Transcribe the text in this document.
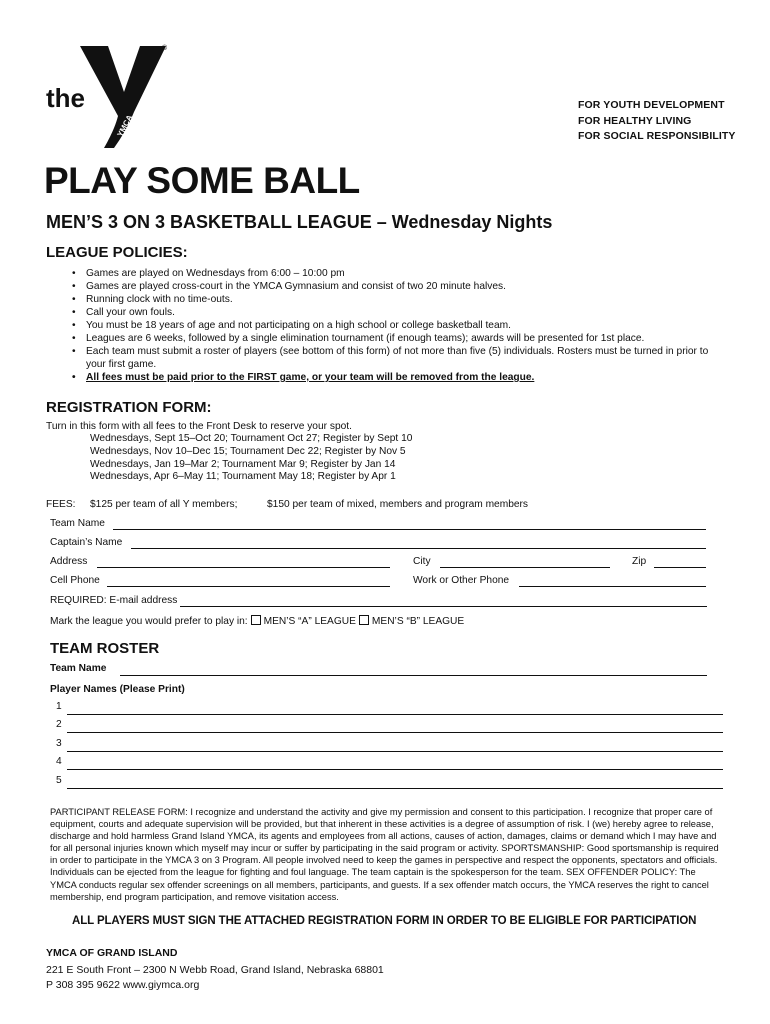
the
YMCA
®
FOR YOUTH DEVELOPMENT
FOR HEALTHY LIVING
FOR SOCIAL RESPONSIBILITY
PLAY SOME BALL
MEN’S 3 ON 3 BASKETBALL LEAGUE – Wednesday Nights
LEAGUE POLICIES:
• Games are played on Wednesdays from 6:00 – 10:00 pm
• Games are played cross-court in the YMCA Gymnasium and consist of two 20 minute halves.
• Running clock with no time-outs.
• Call your own fouls.
• You must be 18 years of age and not participating on a high school or college basketball team.
• Leagues are 6 weeks, followed by a single elimination tournament (if enough teams); awards will be presented for 1st place.
• Each team must submit a roster of players (see bottom of this form) of not more than five (5) individuals. Rosters must be turned in prior to your first game.
• All fees must be paid prior to the FIRST game, or your team will be removed from the league.
REGISTRATION FORM:
Turn in this form with all fees to the Front Desk to reserve your spot.
Wednesdays, Sept 15–Oct 20; Tournament Oct 27; Register by Sept 10
Wednesdays, Nov 10–Dec 15; Tournament Dec 22; Register by Nov 5
Wednesdays, Jan 19–Mar 2; Tournament Mar 9; Register by Jan 14
Wednesdays, Apr 6–May 11; Tournament May 18; Register by Apr 1
FEES: $125 per team of all Y members;	$150 per team of mixed, members and program members
Team Name
Captain’s Name
Address	City	Zip
Cell Phone	Work or Other Phone
REQUIRED: E-mail address
Mark the league you would prefer to play in: MEN’S “A” LEAGUE MEN’S “B” LEAGUE
TEAM ROSTER
Team Name
Player Names (Please Print)
1
2
3
4
5
PARTICIPANT RELEASE FORM: I recognize and understand the activity and give my permission and consent to this participation. I recognize that proper care of equipment, courts and adequate supervision will be provided, but that inherent in these activities is a degree of assumption of risk. I (we) hereby agree to release, discharge and hold harmless Grand Island YMCA, its agents and employees from all actions, causes of action, damages, claims or demand which I may have and for all personal injuries known which myself may incur or suffer by participating in the said program or activity. SPORTSMANSHIP: Good sportsmanship is required in order to participate in the YMCA 3 on 3 Program. All people involved need to keep the games in perspective and respect the opponents, spectators and officials. Individuals can be ejected from the league for fighting and foul language. The team captain is the spokesperson for the team. SEX OFFENDER POLICY: The YMCA conducts regular sex offender screenings on all members, participants, and guests. If a sex offender match occurs, the YMCA reserves the right to cancel membership, end program participation, and remove visitation access.
ALL PLAYERS MUST SIGN THE ATTACHED REGISTRATION FORM IN ORDER TO BE ELIGIBLE FOR PARTICIPATION
YMCA OF GRAND ISLAND
221 E South Front – 2300 N Webb Road, Grand Island, Nebraska 68801
P 308 395 9622 www.giymca.org
